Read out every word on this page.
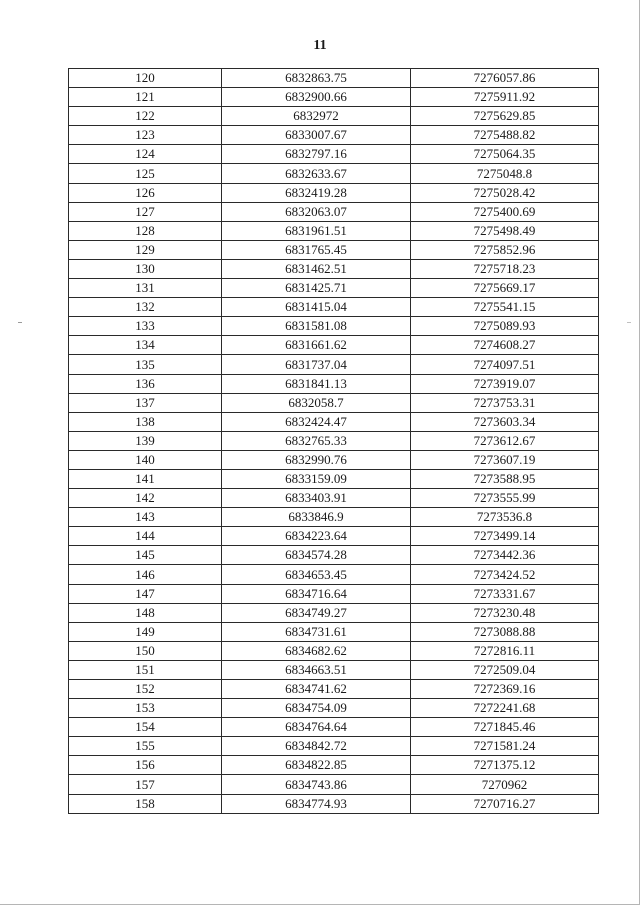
11
120	6832863.75	7276057.86
121	6832900.66	7275911.92
122	6832972	7275629.85
123	6833007.67	7275488.82
124	6832797.16	7275064.35
125	6832633.67	7275048.8
126	6832419.28	7275028.42
127	6832063.07	7275400.69
128	6831961.51	7275498.49
129	6831765.45	7275852.96
130	6831462.51	7275718.23
131	6831425.71	7275669.17
132	6831415.04	7275541.15
133	6831581.08	7275089.93
134	6831661.62	7274608.27
135	6831737.04	7274097.51
136	6831841.13	7273919.07
137	6832058.7	7273753.31
138	6832424.47	7273603.34
139	6832765.33	7273612.67
140	6832990.76	7273607.19
141	6833159.09	7273588.95
142	6833403.91	7273555.99
143	6833846.9	7273536.8
144	6834223.64	7273499.14
145	6834574.28	7273442.36
146	6834653.45	7273424.52
147	6834716.64	7273331.67
148	6834749.27	7273230.48
149	6834731.61	7273088.88
150	6834682.62	7272816.11
151	6834663.51	7272509.04
152	6834741.62	7272369.16
153	6834754.09	7272241.68
154	6834764.64	7271845.46
155	6834842.72	7271581.24
156	6834822.85	7271375.12
157	6834743.86	7270962
158	6834774.93	7270716.27
